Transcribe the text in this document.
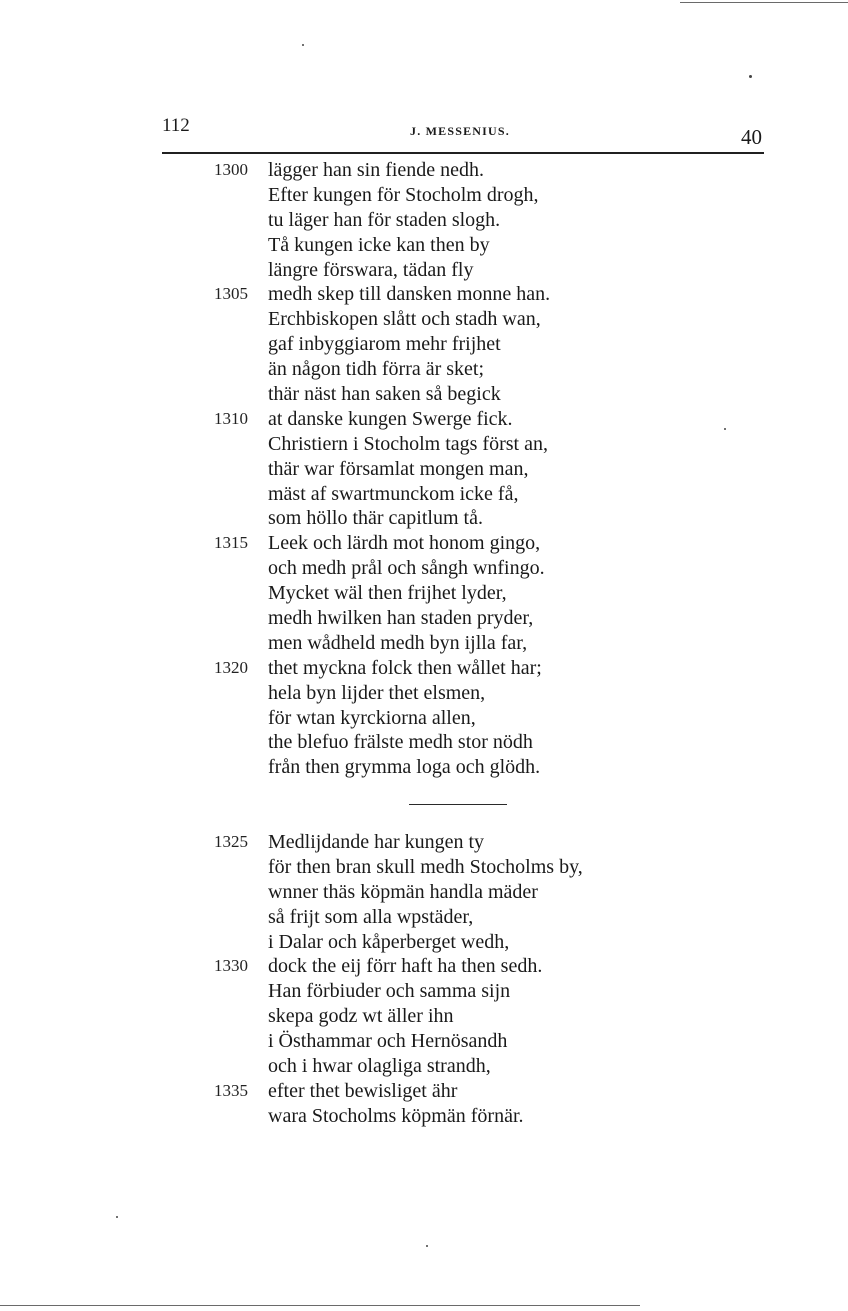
112	J. MESSENIUS.	40
1300 lägger han sin fiende nedh.
Efter kungen för Stocholm drogh,
tu läger han för staden slogh.
Tå kungen icke kan then by
längre förswara, tädan fly
1305 medh skep till dansken monne han.
Erchbiskopen slått och stadh wan,
gaf inbyggiarom mehr frijhet
än någon tidh förra är sket;
thär näst han saken så begick
1310 at danske kungen Swerge fick.
Christiern i Stocholm tags först an,
thär war församlat mongen man,
mäst af swartmunckom icke få,
som höllo thär capitlum tå.
1315 Leek och lärdh mot honom gingo,
och medh prål och sångh wnfingo.
Mycket wäl then frijhet lyder,
medh hwilken han staden pryder,
men wådheld medh byn ijlla far,
1320 thet myckna folck then wållet har;
hela byn lijder thet elsmen,
för wtan kyrckiorna allen,
the blefuo frälste medh stor nödh
från then grymma loga och glödh.
1325 Medlijdande har kungen ty
för then bran skull medh Stocholms by,
wnner thäs köpmän handla mäder
så frijt som alla wpstäder,
i Dalar och kåperberget wedh,
1330 dock the eij förr haft ha then sedh.
Han förbiuder och samma sijn
skepa godz wt äller ihn
i Östhammar och Hernösandh
och i hwar olagliga strandh,
1335 efter thet bewisliget ähr
wara Stocholms köpmän förnär.
